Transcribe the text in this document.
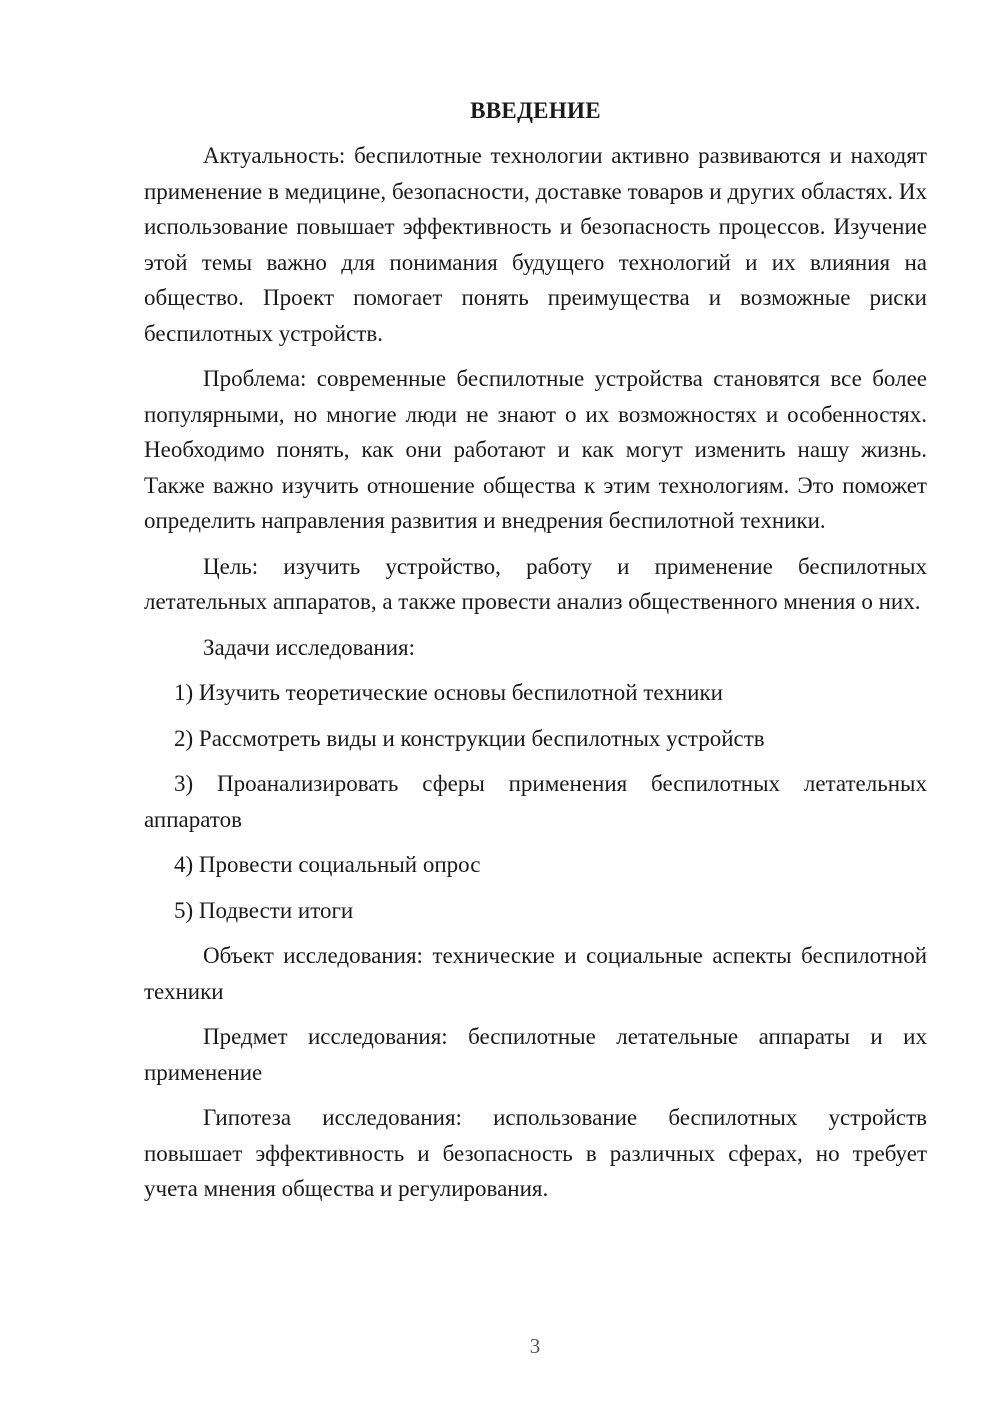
ВВЕДЕНИЕ

Актуальность: беспилотные технологии активно развиваются и находят применение в медицине, безопасности, доставке товаров и других областях. Их использование повышает эффективность и безопасность процессов. Изучение этой темы важно для понимания будущего технологий и их влияния на общество. Проект помогает понять преимущества и возможные риски беспилотных устройств.

Проблема: современные беспилотные устройства становятся все более популярными, но многие люди не знают о их возможностях и особенностях. Необходимо понять, как они работают и как могут изменить нашу жизнь. Также важно изучить отношение общества к этим технологиям. Это поможет определить направления развития и внедрения беспилотной техники.

Цель: изучить устройство, работу и применение беспилотных летательных аппаратов, а также провести анализ общественного мнения о них.

Задачи исследования:

1) Изучить теоретические основы беспилотной техники

2) Рассмотреть виды и конструкции беспилотных устройств

3) Проанализировать сферы применения беспилотных летательных аппаратов

4) Провести социальный опрос

5) Подвести итоги

Объект исследования: технические и социальные аспекты беспилотной техники

Предмет исследования: беспилотные летательные аппараты и их применение

Гипотеза исследования: использование беспилотных устройств повышает эффективность и безопасность в различных сферах, но требует учета мнения общества и регулирования.

3
